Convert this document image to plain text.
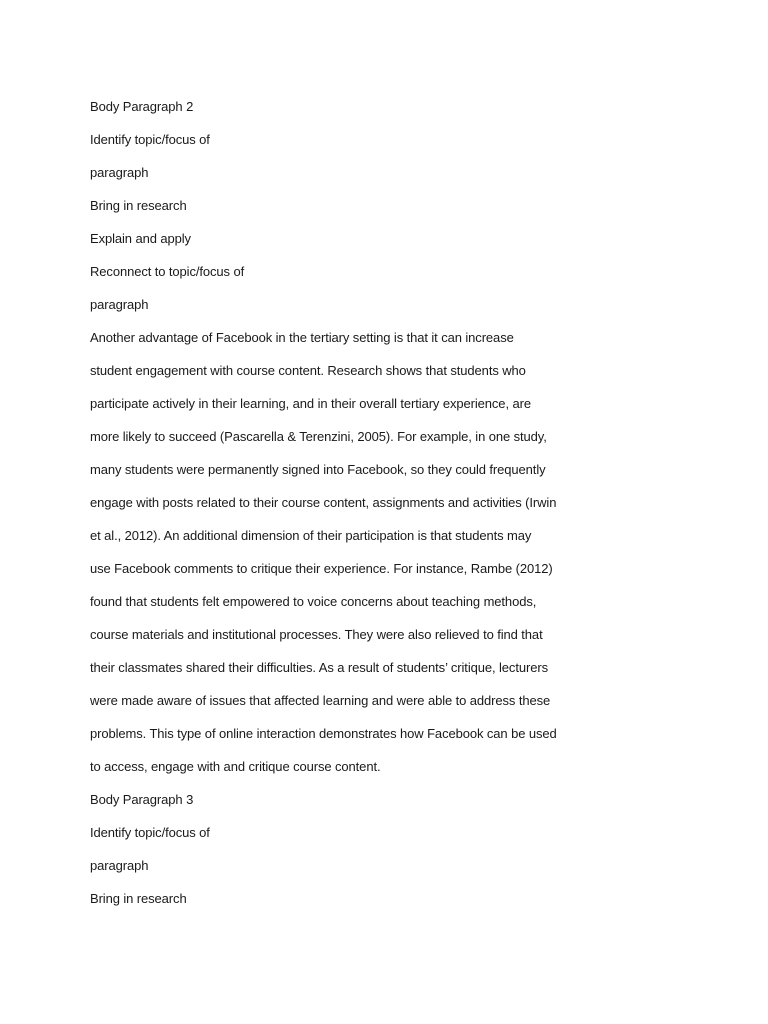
Body Paragraph 2
Identify topic/focus of
paragraph
Bring in research
Explain and apply
Reconnect to topic/focus of
paragraph
Another advantage of Facebook in the tertiary setting is that it can increase
student engagement with course content. Research shows that students who
participate actively in their learning, and in their overall tertiary experience, are
more likely to succeed (Pascarella & Terenzini, 2005). For example, in one study,
many students were permanently signed into Facebook, so they could frequently
engage with posts related to their course content, assignments and activities (Irwin
et al., 2012). An additional dimension of their participation is that students may
use Facebook comments to critique their experience. For instance, Rambe (2012)
found that students felt empowered to voice concerns about teaching methods,
course materials and institutional processes. They were also relieved to find that
their classmates shared their difficulties. As a result of students’ critique, lecturers
were made aware of issues that affected learning and were able to address these
problems. This type of online interaction demonstrates how Facebook can be used
to access, engage with and critique course content.
Body Paragraph 3
Identify topic/focus of
paragraph
Bring in research
